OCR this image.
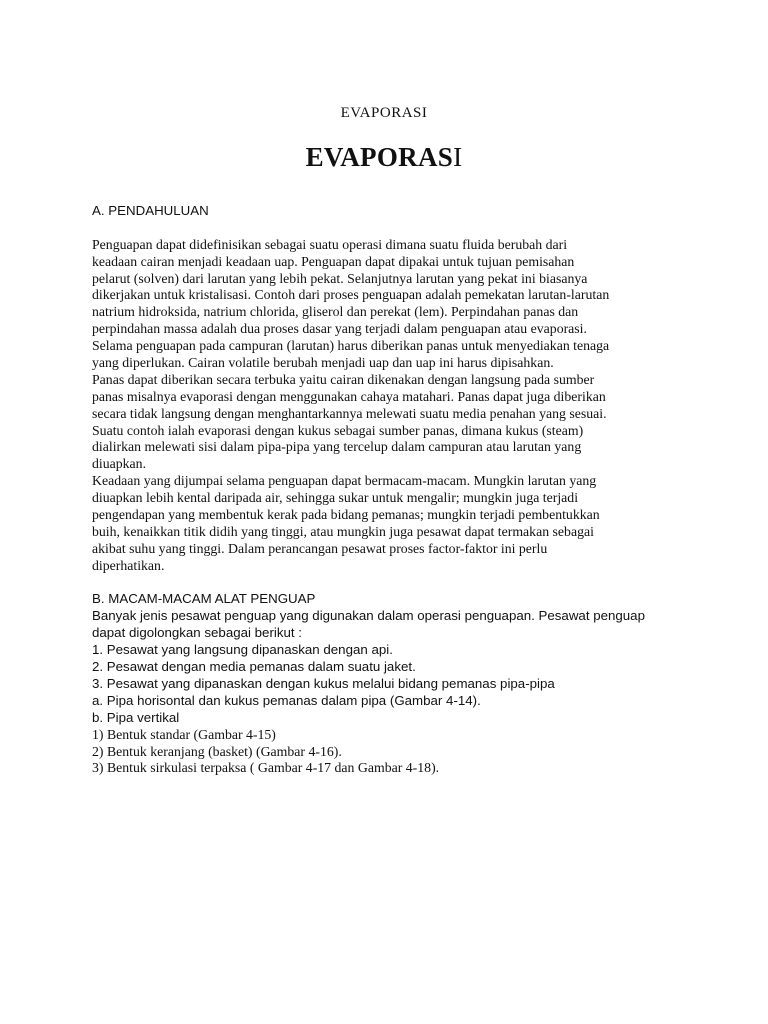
EVAPORASI
EVAPORASI
A. PENDAHULUAN
Penguapan dapat didefinisikan sebagai suatu operasi dimana suatu fluida berubah dari
keadaan cairan menjadi keadaan uap. Penguapan dapat dipakai untuk tujuan pemisahan
pelarut (solven) dari larutan yang lebih pekat. Selanjutnya larutan yang pekat ini biasanya
dikerjakan untuk kristalisasi. Contoh dari proses penguapan adalah pemekatan larutan-larutan
natrium hidroksida, natrium chlorida, gliserol dan perekat (lem). Perpindahan panas dan
perpindahan massa adalah dua proses dasar yang terjadi dalam penguapan atau evaporasi.
Selama penguapan pada campuran (larutan) harus diberikan panas untuk menyediakan tenaga
yang diperlukan. Cairan volatile berubah menjadi uap dan uap ini harus dipisahkan.
Panas dapat diberikan secara terbuka yaitu cairan dikenakan dengan langsung pada sumber
panas misalnya evaporasi dengan menggunakan cahaya matahari. Panas dapat juga diberikan
secara tidak langsung dengan menghantarkannya melewati suatu media penahan yang sesuai.
Suatu contoh ialah evaporasi dengan kukus sebagai sumber panas, dimana kukus (steam)
dialirkan melewati sisi dalam pipa-pipa yang tercelup dalam campuran atau larutan yang
diuapkan.
Keadaan yang dijumpai selama penguapan dapat bermacam-macam. Mungkin larutan yang
diuapkan lebih kental daripada air, sehingga sukar untuk mengalir; mungkin juga terjadi
pengendapan yang membentuk kerak pada bidang pemanas; mungkin terjadi pembentukkan
buih, kenaikkan titik didih yang tinggi, atau mungkin juga pesawat dapat termakan sebagai
akibat suhu yang tinggi. Dalam perancangan pesawat proses factor-faktor ini perlu
diperhatikan.
B. MACAM-MACAM ALAT PENGUAP
Banyak jenis pesawat penguap yang digunakan dalam operasi penguapan. Pesawat penguap
dapat digolongkan sebagai berikut :
1. Pesawat yang langsung dipanaskan dengan api.
2. Pesawat dengan media pemanas dalam suatu jaket.
3. Pesawat yang dipanaskan dengan kukus melalui bidang pemanas pipa-pipa
a. Pipa horisontal dan kukus pemanas dalam pipa (Gambar 4-14).
b. Pipa vertikal
1) Bentuk standar (Gambar 4-15)
2) Bentuk keranjang (basket) (Gambar 4-16).
3) Bentuk sirkulasi terpaksa ( Gambar 4-17 dan Gambar 4-18).
